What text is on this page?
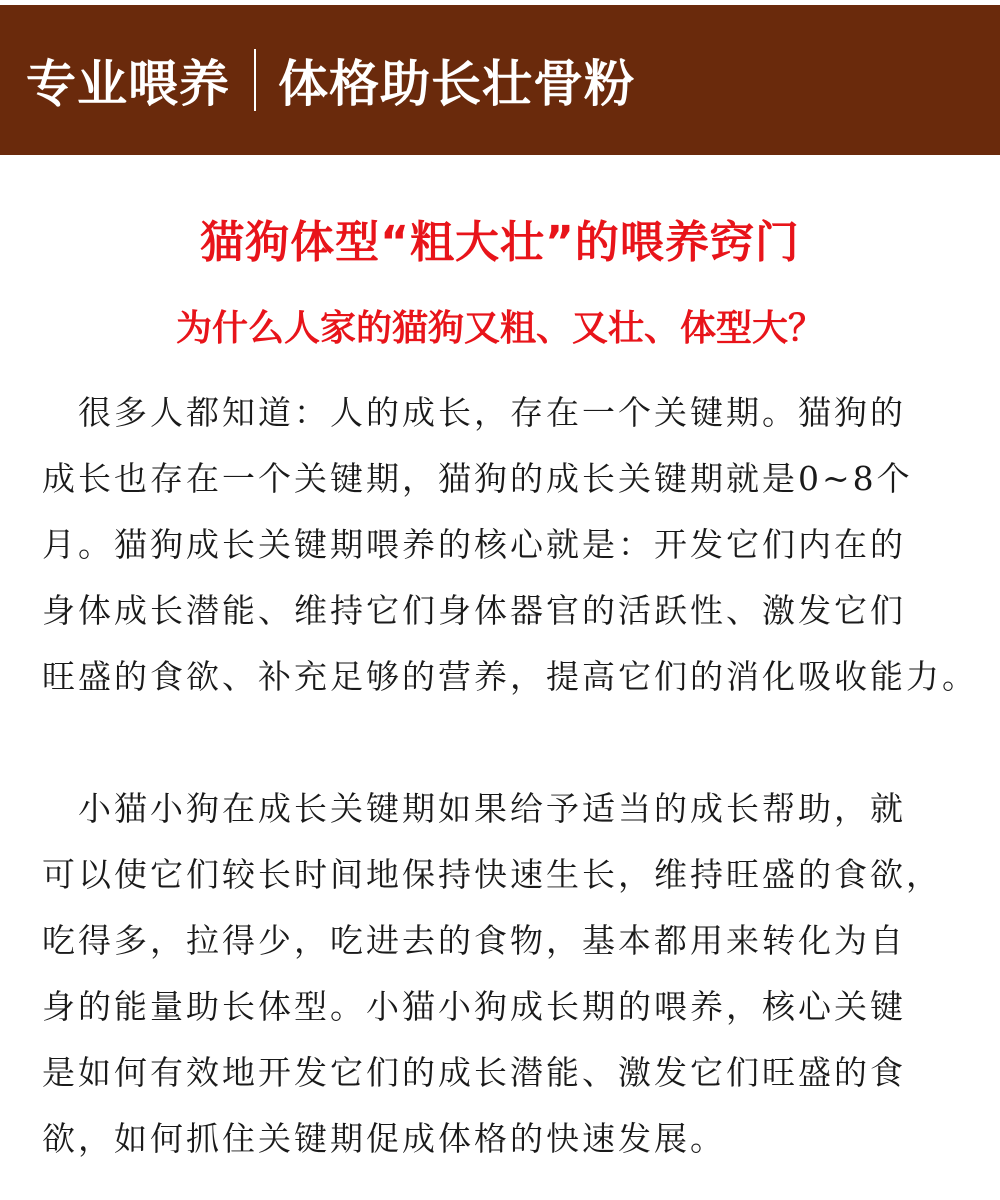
专业喂养 体格助长壮骨粉
猫狗体型“粗大壮”的喂养窍门
为什么人家的猫狗又粗、又壮、体型大？
很多人都知道：人的成长，存在一个关键期。猫狗的
成长也存在一个关键期，猫狗的成长关键期就是0~8个
月。猫狗成长关键期喂养的核心就是：开发它们内在的
身体成长潜能、维持它们身体器官的活跃性、激发它们
旺盛的食欲、补充足够的营养，提高它们的消化吸收能力。
小猫小狗在成长关键期如果给予适当的成长帮助，就
可以使它们较长时间地保持快速生长，维持旺盛的食欲，
吃得多，拉得少，吃进去的食物，基本都用来转化为自
身的能量助长体型。小猫小狗成长期的喂养，核心关键
是如何有效地开发它们的成长潜能、激发它们旺盛的食
欲，如何抓住关键期促成体格的快速发展。
